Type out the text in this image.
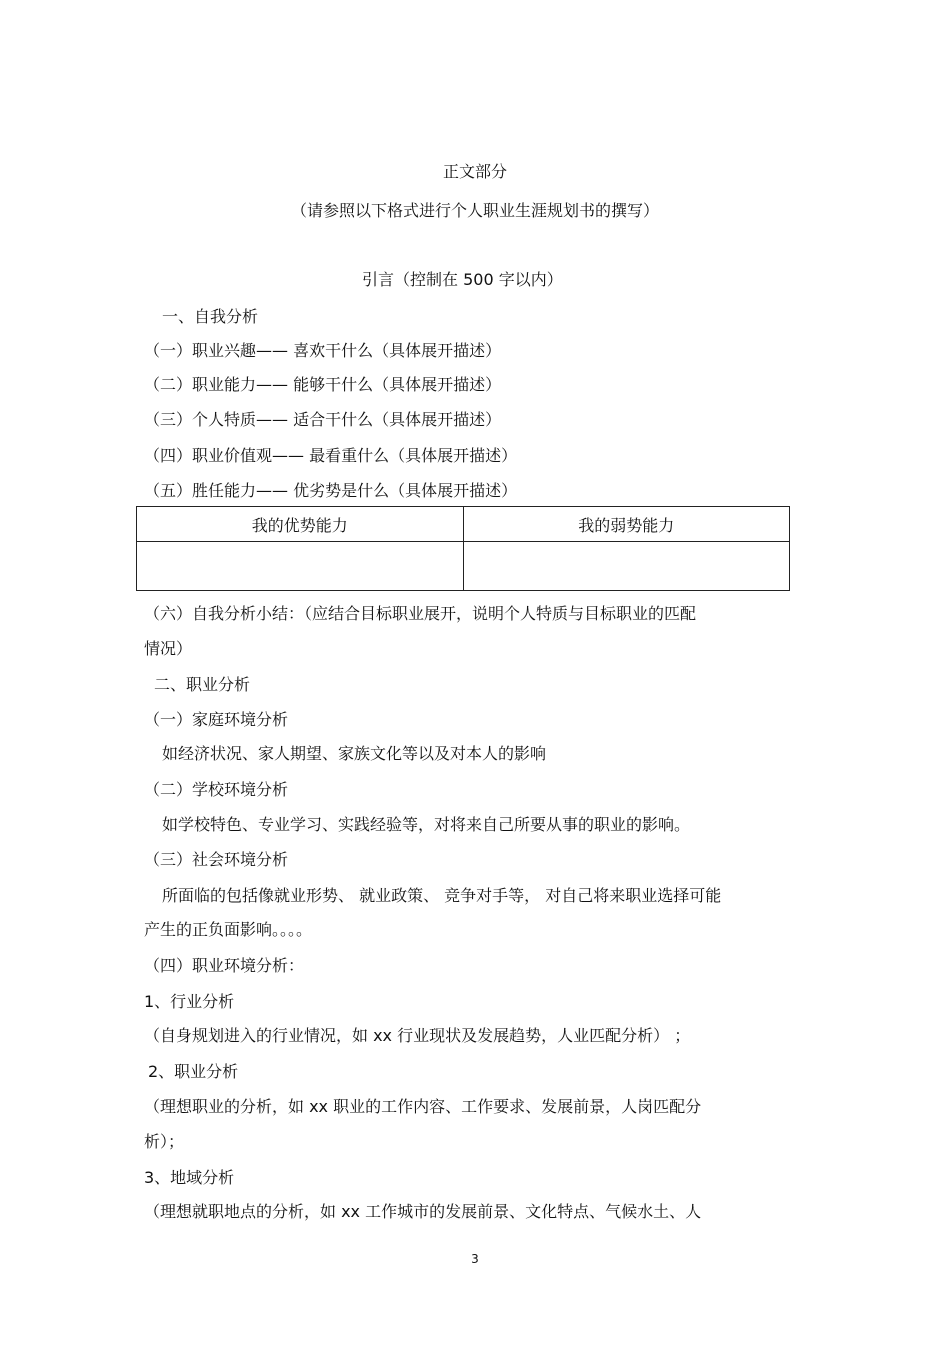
正文部分
（请参照以下格式进行个人职业生涯规划书的撰写）
引言（控制在 500 字以内）
一、自我分析
（一）职业兴趣—— 喜欢干什么（具体展开描述）
（二）职业能力—— 能够干什么（具体展开描述）
（三）个人特质—— 适合干什么（具体展开描述）
（四）职业价值观—— 最看重什么（具体展开描述）
（五）胜任能力—— 优劣势是什么（具体展开描述）
我的优势能力	我的弱势能力

（六）自我分析小结：（应结合目标职业展开，说明个人特质与目标职业的匹配
情况）
二、职业分析
（一）家庭环境分析
如经济状况、家人期望、家族文化等以及对本人的影响
（二）学校环境分析
如学校特色、专业学习、实践经验等，对将来自己所要从事的职业的影响。
（三）社会环境分析
所面临的包括像就业形势、 就业政策、 竞争对手等， 对自己将来职业选择可能
产生的正负面影响。。。。
（四）职业环境分析：
1、行业分析
（自身规划进入的行业情况，如 xx 行业现状及发展趋势，人业匹配分析） ；
2、职业分析
（理想职业的分析，如 xx 职业的工作内容、工作要求、发展前景，人岗匹配分
析）；
3、地域分析
（理想就职地点的分析，如 xx 工作城市的发展前景、文化特点、气候水土、人
3
